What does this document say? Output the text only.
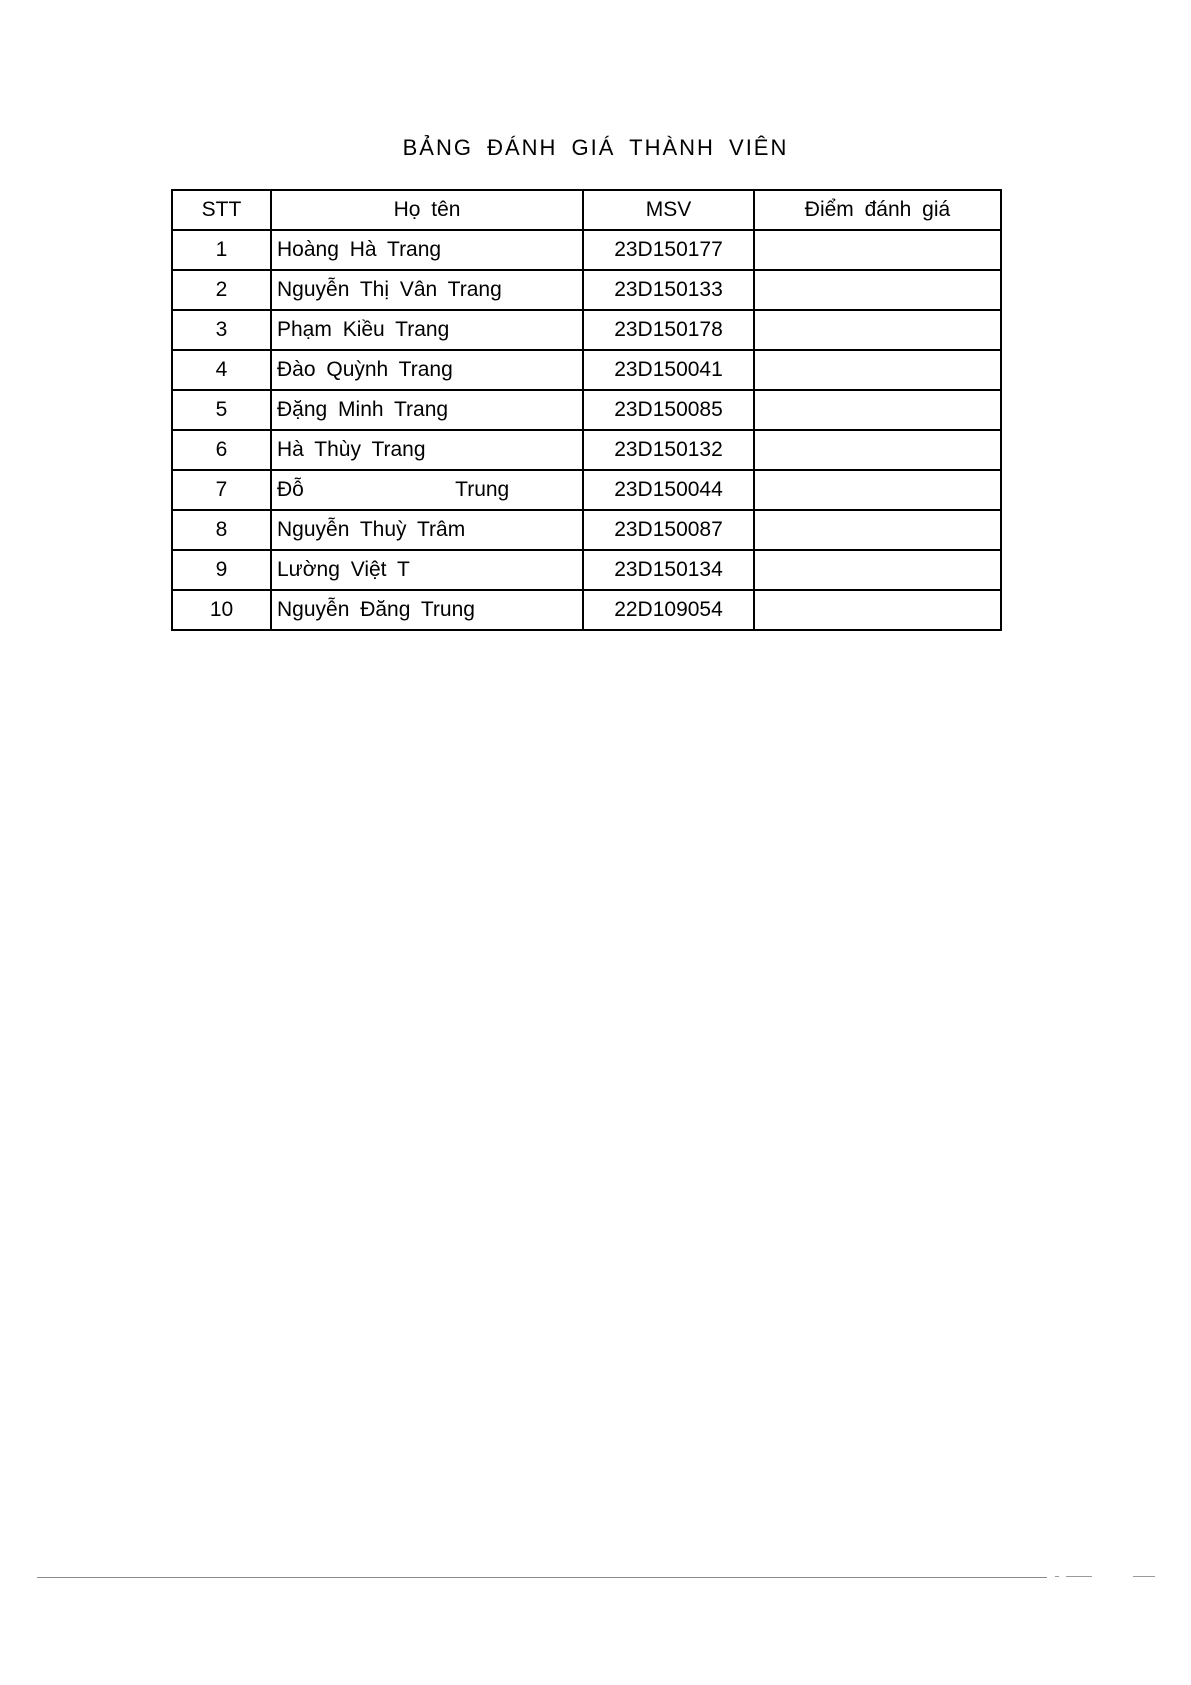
BẢNG ĐÁNH GIÁ THÀNH VIÊN
STT	Họ tên	MSV	Điểm đánh giá
1	Hoàng Hà Trang	23D150177	
2	Nguyễn Thị Vân Trang	23D150133	
3	Phạm Kiều Trang	23D150178	
4	Đào Quỳnh Trang	23D150041	
5	Đặng Minh Trang	23D150085	
6	Hà Thùy Trang	23D150132	
7	Đỗ              Trung	23D150044	
8	Nguyễn Thuỳ Trâm	23D150087	
9	Lường Việt T	23D150134	
10	Nguyễn Đăng Trung	22D109054	
